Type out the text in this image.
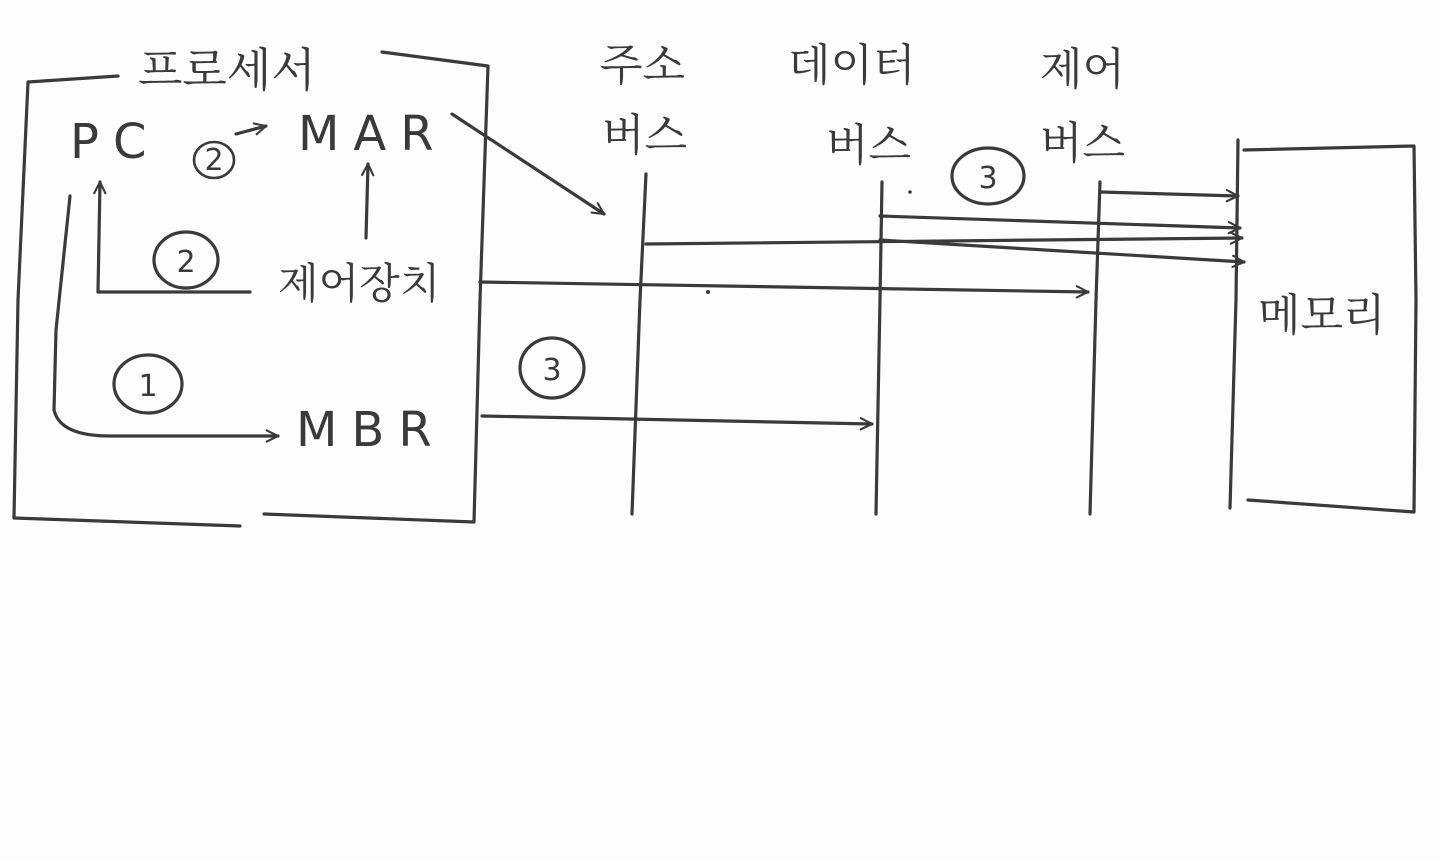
프로세서
PC	MAR
제어장치
MBR
2
2
1
주소
버스
데이터
버스
제어
버스
3
3
메모리
